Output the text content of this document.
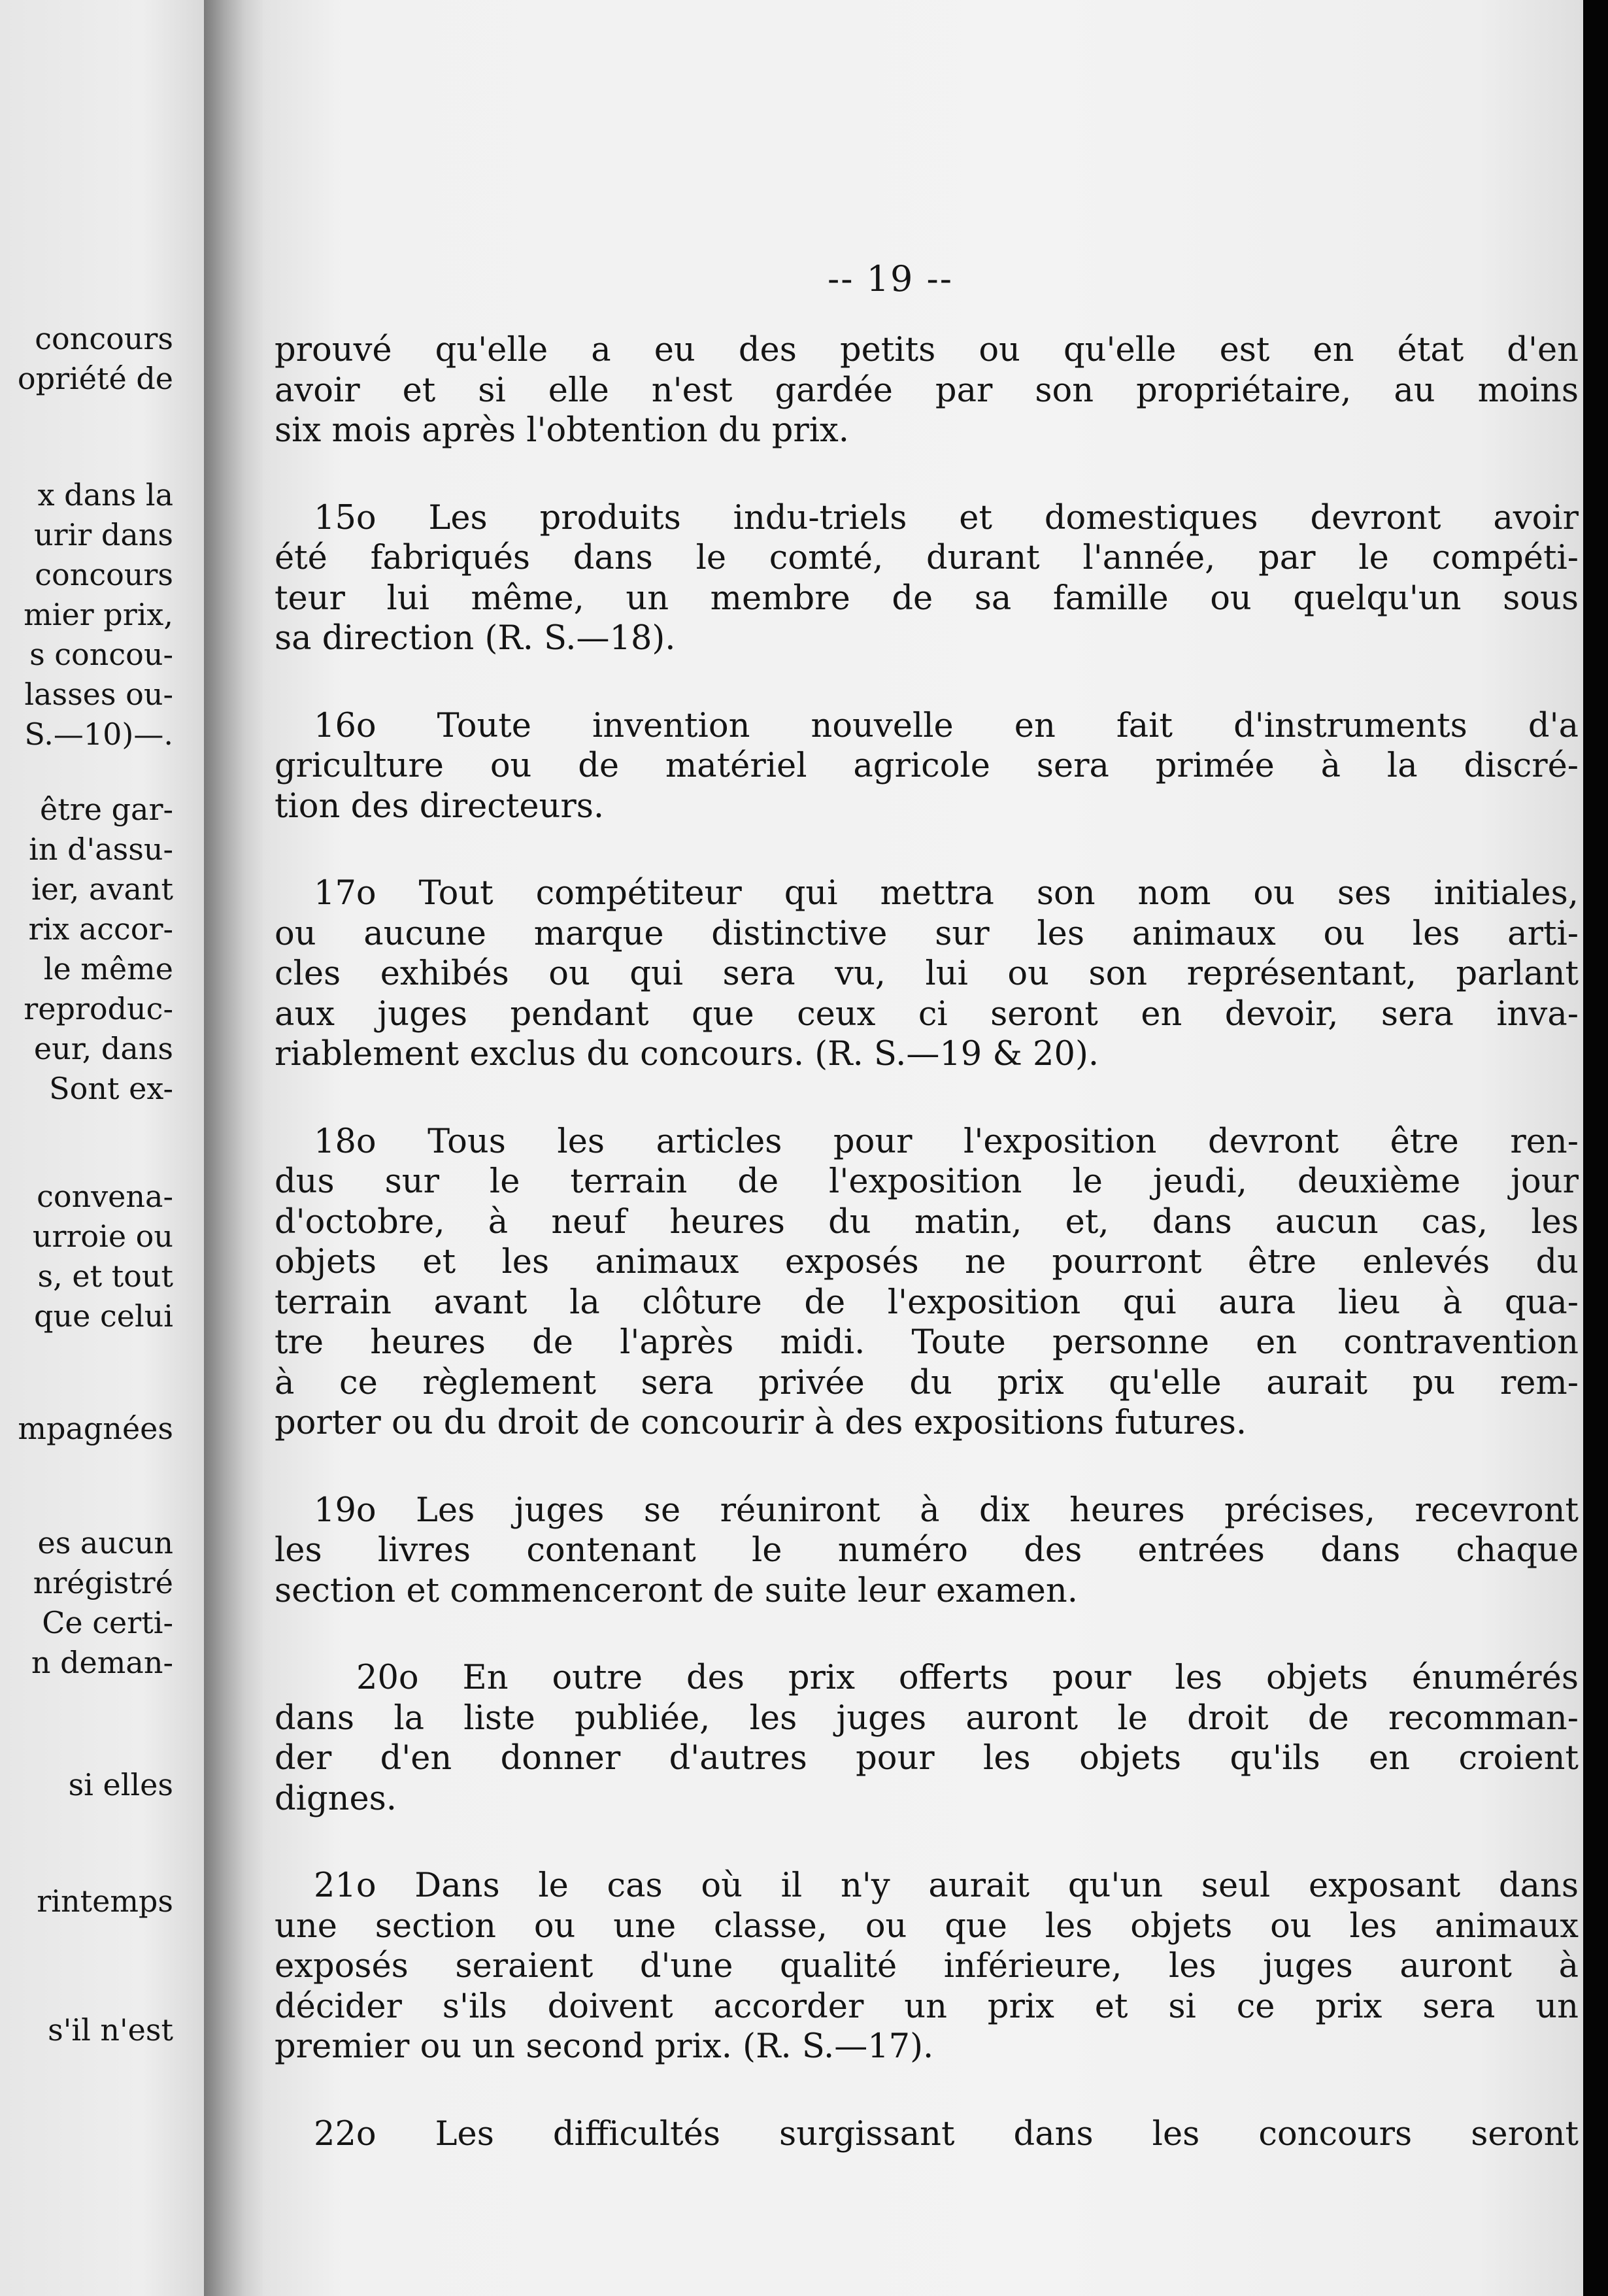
concours
opriété de
x dans la
urir dans
concours
mier prix,
s concou-
lasses ou-
S.—10)—.
être gar-
in d'assu-
ier, avant
rix accor-
le même
reproduc-
eur, dans
Sont ex-
convena-
urroie ou
s, et tout
que celui
mpagnées
es aucun
nrégistré
Ce certi-
n deman-
si elles
rintemps
s'il n'est
-- 19 --
prouvé qu'elle a eu des petits ou qu'elle est en état d'en
avoir et si elle n'est gardée par son propriétaire, au moins
six mois après l'obtention du prix.
15o Les produits indu-triels et domestiques devront avoir
été fabriqués dans le comté, durant l'année, par le compéti-
teur lui même, un membre de sa famille ou quelqu'un sous
sa direction (R. S.—18).
16o Toute invention nouvelle en fait d'instruments d'a
griculture ou de matériel agricole sera primée à la discré-
tion des directeurs.
17o Tout compétiteur qui mettra son nom ou ses initiales,
ou aucune marque distinctive sur les animaux ou les arti-
cles exhibés ou qui sera vu, lui ou son représentant, parlant
aux juges pendant que ceux ci seront en devoir, sera inva-
riablement exclus du concours. (R. S.—19 & 20).
18o Tous les articles pour l'exposition devront être ren-
dus sur le terrain de l'exposition le jeudi, deuxième jour
d'octobre, à neuf heures du matin, et, dans aucun cas, les
objets et les animaux exposés ne pourront être enlevés du
terrain avant la clôture de l'exposition qui aura lieu à qua-
tre heures de l'après midi. Toute personne en contravention
à ce règlement sera privée du prix qu'elle aurait pu rem-
porter ou du droit de concourir à des expositions futures.
19o Les juges se réuniront à dix heures précises, recevront
les livres contenant le numéro des entrées dans chaque
section et commenceront de suite leur examen.
20o En outre des prix offerts pour les objets énumérés
dans la liste publiée, les juges auront le droit de recomman-
der d'en donner d'autres pour les objets qu'ils en croient
dignes.
21o Dans le cas où il n'y aurait qu'un seul exposant dans
une section ou une classe, ou que les objets ou les animaux
exposés seraient d'une qualité inférieure, les juges auront à
décider s'ils doivent accorder un prix et si ce prix sera un
premier ou un second prix. (R. S.—17).
22o Les difficultés surgissant dans les concours seront
